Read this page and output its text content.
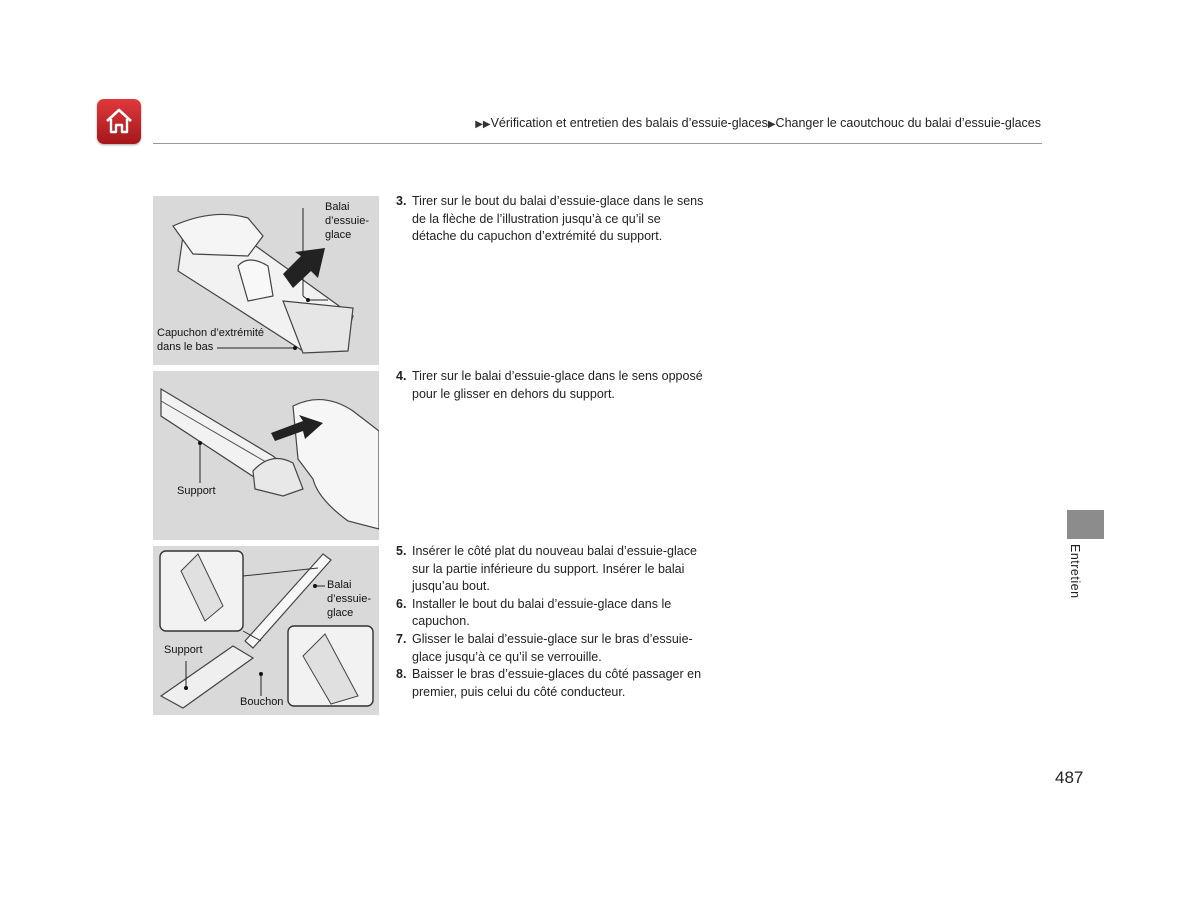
▶▶Vérification et entretien des balais d’essuie-glaces▶Changer le caoutchouc du balai d’essuie-glaces
Balai
d’essuie-
glace
Capuchon d’extrémité
dans le bas
Support
Balai
d’essuie-
glace
Support
Bouchon
3. Tirer sur le bout du balai d’essuie-glace dans le sens de la flèche de l’illustration jusqu’à ce qu’il se détache du capuchon d’extrémité du support.
4. Tirer sur le balai d’essuie-glace dans le sens opposé pour le glisser en dehors du support.
5. Insérer le côté plat du nouveau balai d’essuie-glace sur la partie inférieure du support. Insérer le balai jusqu’au bout.
6. Installer le bout du balai d’essuie-glace dans le capuchon.
7. Glisser le balai d’essuie-glace sur le bras d’essuie-glace jusqu’à ce qu’il se verrouille.
8. Baisser le bras d’essuie-glaces du côté passager en premier, puis celui du côté conducteur.
Entretien
487
